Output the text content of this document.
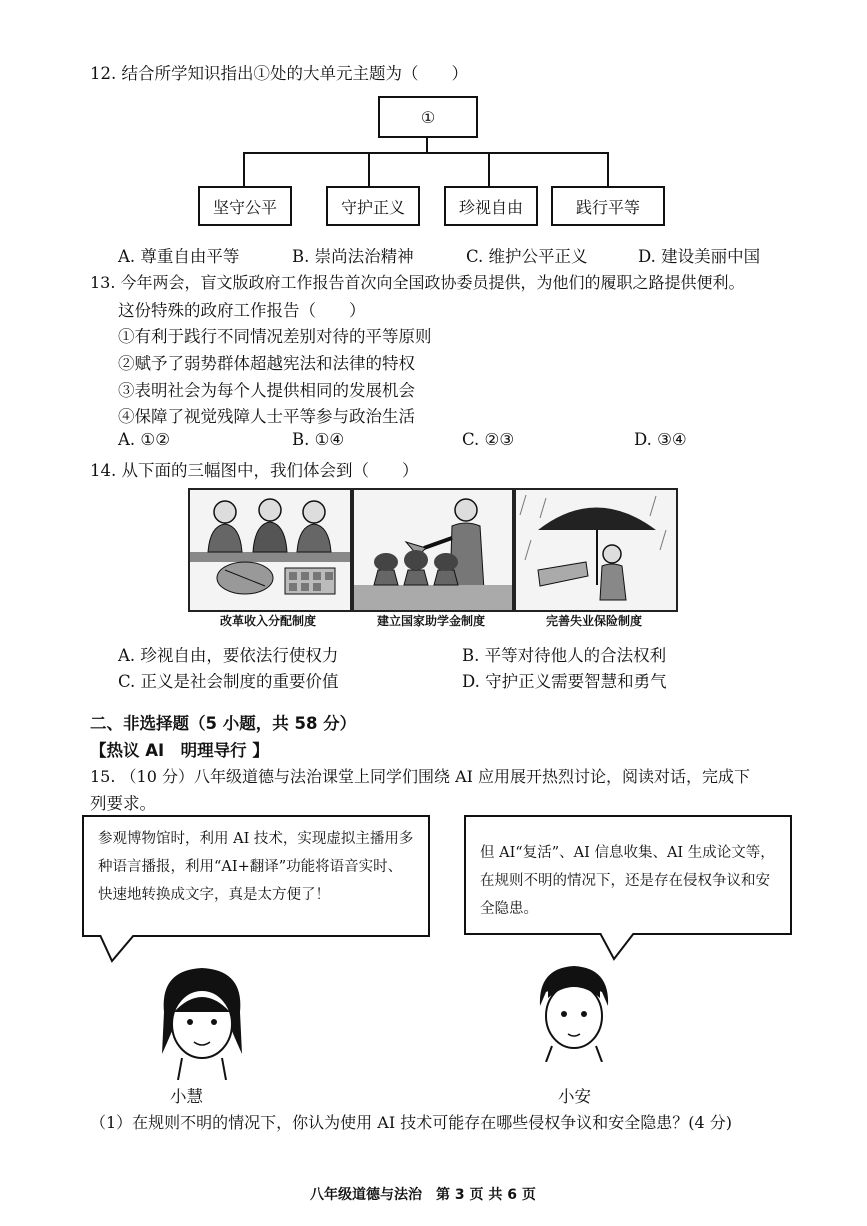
12. 结合所学知识指出①处的大单元主题为（　　）
①
坚守公平	守护正义	珍视自由	践行平等
A. 尊重自由平等	B. 崇尚法治精神	C. 维护公平正义	D. 建设美丽中国
13. 今年两会，盲文版政府工作报告首次向全国政协委员提供，为他们的履职之路提供便利。
这份特殊的政府工作报告（　　）
①有利于践行不同情况差别对待的平等原则
②赋予了弱势群体超越宪法和法律的特权
③表明社会为每个人提供相同的发展机会
④保障了视觉残障人士平等参与政治生活
A. ①②	B. ①④	C. ②③	D. ③④
14. 从下面的三幅图中，我们体会到（　　）
改革收入分配制度	建立国家助学金制度	完善失业保险制度
A. 珍视自由，要依法行使权力	B. 平等对待他人的合法权利
C. 正义是社会制度的重要价值	D. 守护正义需要智慧和勇气
二、非选择题（5 小题，共 58 分）
【热议 AI　明理导行 】
15. （10 分）八年级道德与法治课堂上同学们围绕 AI 应用展开热烈讨论，阅读对话，完成下
列要求。
参观博物馆时，利用 AI 技术，实现虚拟主播用多种语言播报，利用“AI+翻译”功能将语音实时、快速地转换成文字，真是太方便了！
但 AI“复活”、AI 信息收集、AI 生成论文等，在规则不明的情况下，还是存在侵权争议和安全隐患。
小慧	小安
（1）在规则不明的情况下，你认为使用 AI 技术可能存在哪些侵权争议和安全隐患？(4 分)
八年级道德与法治　第 3 页 共 6 页
